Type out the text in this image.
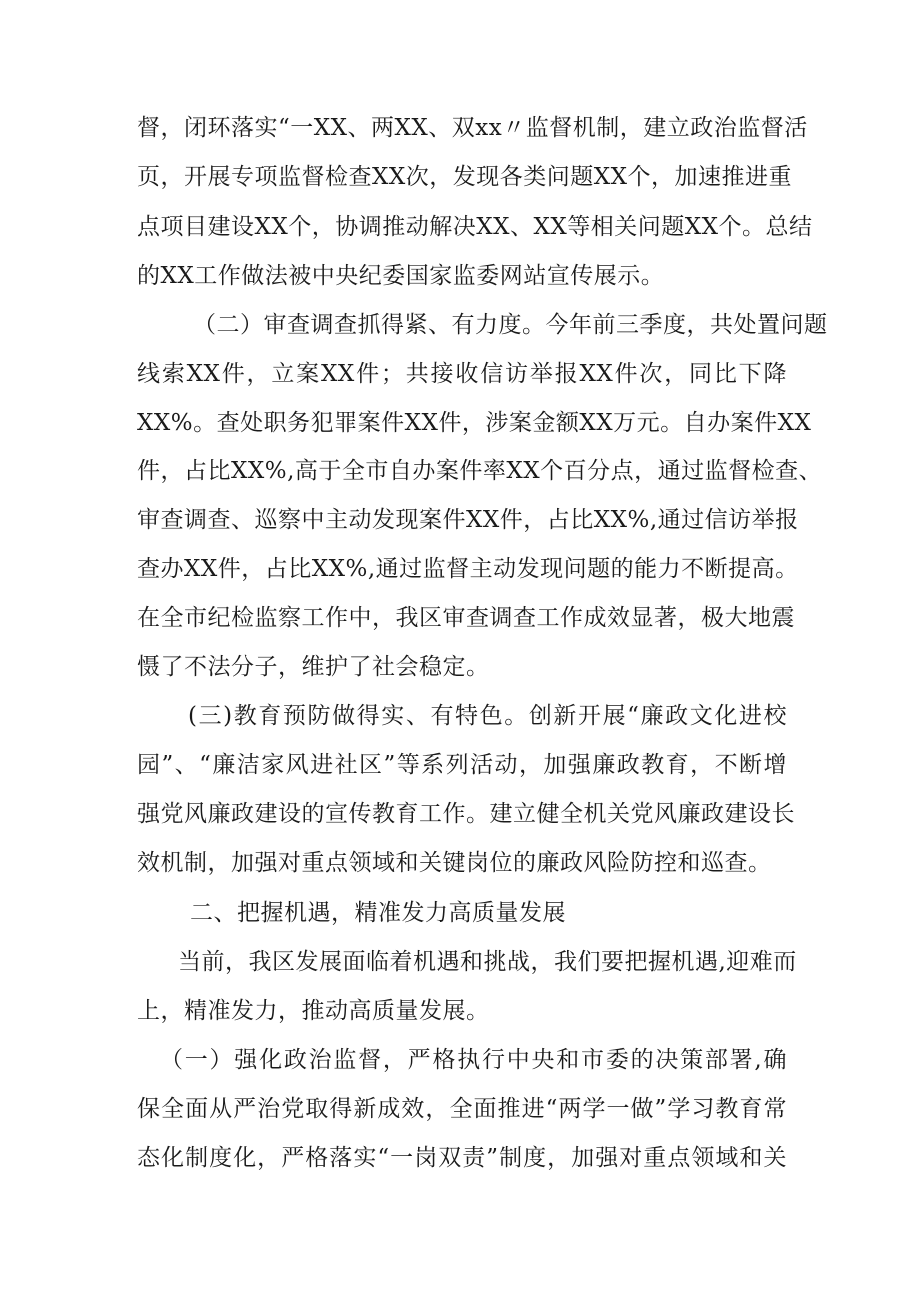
督，闭环落实“一XX、两XX、双xx〃监督机制，建立政治监督活
页，开展专项监督检查XX次，发现各类问题XX个，加速推进重
点项目建设XX个，协调推动解决XX、XX等相关问题XX个。总结
的XX工作做法被中央纪委国家监委网站宣传展示。
（二）审查调查抓得紧、有力度。今年前三季度，共处置问题
线索XX件，立案XX件；共接收信访举报XX件次，同比下降
XX%。查处职务犯罪案件XX件，涉案金额XX万元。自办案件XX
件，占比XX%,高于全市自办案件率XX个百分点，通过监督检查、
审查调查、巡察中主动发现案件XX件，占比XX%,通过信访举报
查办XX件，占比XX%,通过监督主动发现问题的能力不断提高。
在全市纪检监察工作中，我区审查调查工作成效显著，极大地震
慑了不法分子，维护了社会稳定。
(三)教育预防做得实、有特色。创新开展“廉政文化进校
园”、“廉洁家风进社区”等系列活动，加强廉政教育，不断增
强党风廉政建设的宣传教育工作。建立健全机关党风廉政建设长
效机制，加强对重点领域和关键岗位的廉政风险防控和巡查。
二、把握机遇，精准发力高质量发展
当前，我区发展面临着机遇和挑战，我们要把握机遇,迎难而
上，精准发力，推动高质量发展。
（一）强化政治监督，严格执行中央和市委的决策部署,确
保全面从严治党取得新成效，全面推进“两学一做”学习教育常
态化制度化，严格落实“一岗双责”制度，加强对重点领域和关
